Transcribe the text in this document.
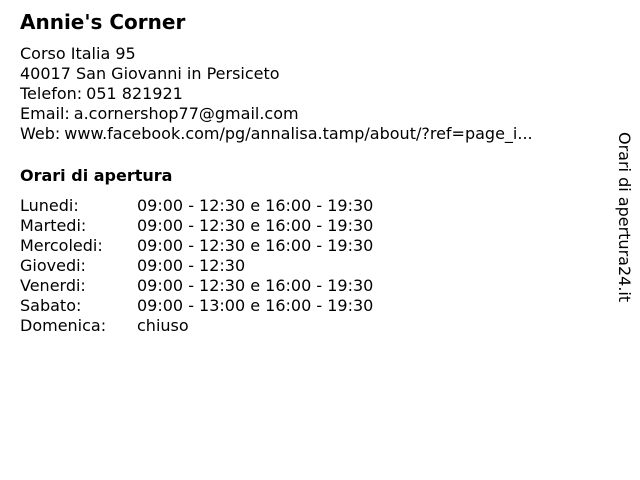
Annie's Corner
Corso Italia 95
40017 San Giovanni in Persiceto
Telefon: 051 821921
Email: a.cornershop77@gmail.com
Web: www.facebook.com/pg/annalisa.tamp/about/?ref=page_i...
Orari di apertura
Lunedi:	09:00 - 12:30 e 16:00 - 19:30
Martedi:	09:00 - 12:30 e 16:00 - 19:30
Mercoledi:	09:00 - 12:30 e 16:00 - 19:30
Giovedi:	09:00 - 12:30
Venerdi:	09:00 - 12:30 e 16:00 - 19:30
Sabato:	09:00 - 13:00 e 16:00 - 19:30
Domenica:	chiuso
Orari di apertura24.it
